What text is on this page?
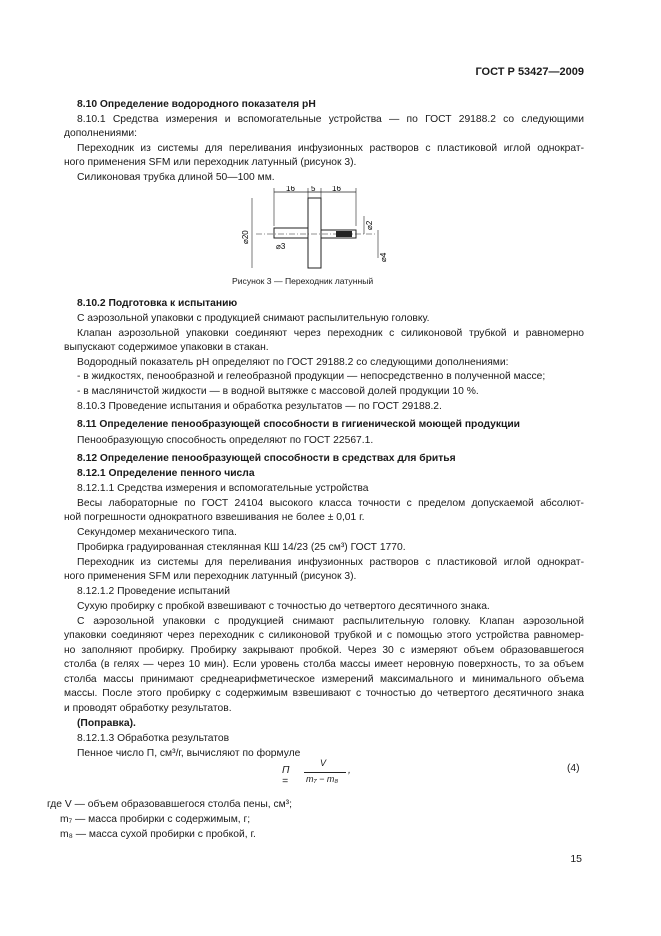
ГОСТ Р 53427—2009
8.10 Определение водородного показателя рН
8.10.1 Средства измерения и вспомогательные устройства — по ГОСТ 29188.2 со следующими
дополнениями:
Переходник из системы для переливания инфузионных растворов с пластиковой иглой однократ-
ного применения SFM или переходник латунный (рисунок 3).
Силиконовая трубка длиной 50—100 мм.
16 5 16
⌀20
⌀3
⌀2
⌀4
Рисунок 3 — Переходник латунный
8.10.2 Подготовка к испытанию
С аэрозольной упаковки с продукцией снимают распылительную головку.
Клапан аэрозольной упаковки соединяют через переходник с силиконовой трубкой и равномерно
выпускают содержимое упаковки в стакан.
Водородный показатель рН определяют по ГОСТ 29188.2 со следующими дополнениями:
- в жидкостях, пенообразной и гелеобразной продукции — непосредственно в полученной массе;
- в масляничстой жидкости — в водной вытяжке с массовой долей продукции 10 %.
8.10.3 Проведение испытания и обработка результатов — по ГОСТ 29188.2.
8.11 Определение пенообразующей способности в гигиенической моющей продукции
Пенообразующую способность определяют по ГОСТ 22567.1.
8.12 Определение пенообразующей способности в средствах для бритья
8.12.1 Определение пенного числа
8.12.1.1 Средства измерения и вспомогательные устройства
Весы лабораторные по ГОСТ 24104 высокого класса точности с пределом допускаемой абсолют-
ной погрешности однократного взвешивания не более ± 0,01 г.
Секундомер механического типа.
Пробирка градуированная стеклянная КШ 14/23 (25 см³) ГОСТ 1770.
Переходник из системы для переливания инфузионных растворов с пластиковой иглой однократ-
ного применения SFM или переходник латунный (рисунок 3).
8.12.1.2 Проведение испытаний
Сухую пробирку с пробкой взвешивают с точностью до четвертого десятичного знака.
С аэрозольной упаковки с продукцией снимают распылительную головку. Клапан аэрозольной
упаковки соединяют через переходник с силиконовой трубкой и с помощью этого устройства равномер-
но заполняют пробирку. Пробирку закрывают пробкой. Через 30 с измеряют объем образовавшегося
столба (в гелях — через 10 мин). Если уровень столба массы имеет неровную поверхность, то за объем
столба массы принимают среднеарифметическое измерений максимального и минимального объема
массы. После этого пробирку с содержимым взвешивают с точностью до четвертого десятичного знака
и проводят обработку результатов.
(Поправка).
8.12.1.3 Обработка результатов
Пенное число П, см³/г, вычисляют по формуле
П =
V
m₇ − m₈
,	(4)
где V — объем образовавшегося столба пены, см³;
m₇ — масса пробирки с содержимым, г;
m₈ — масса сухой пробирки с пробкой, г.
15
